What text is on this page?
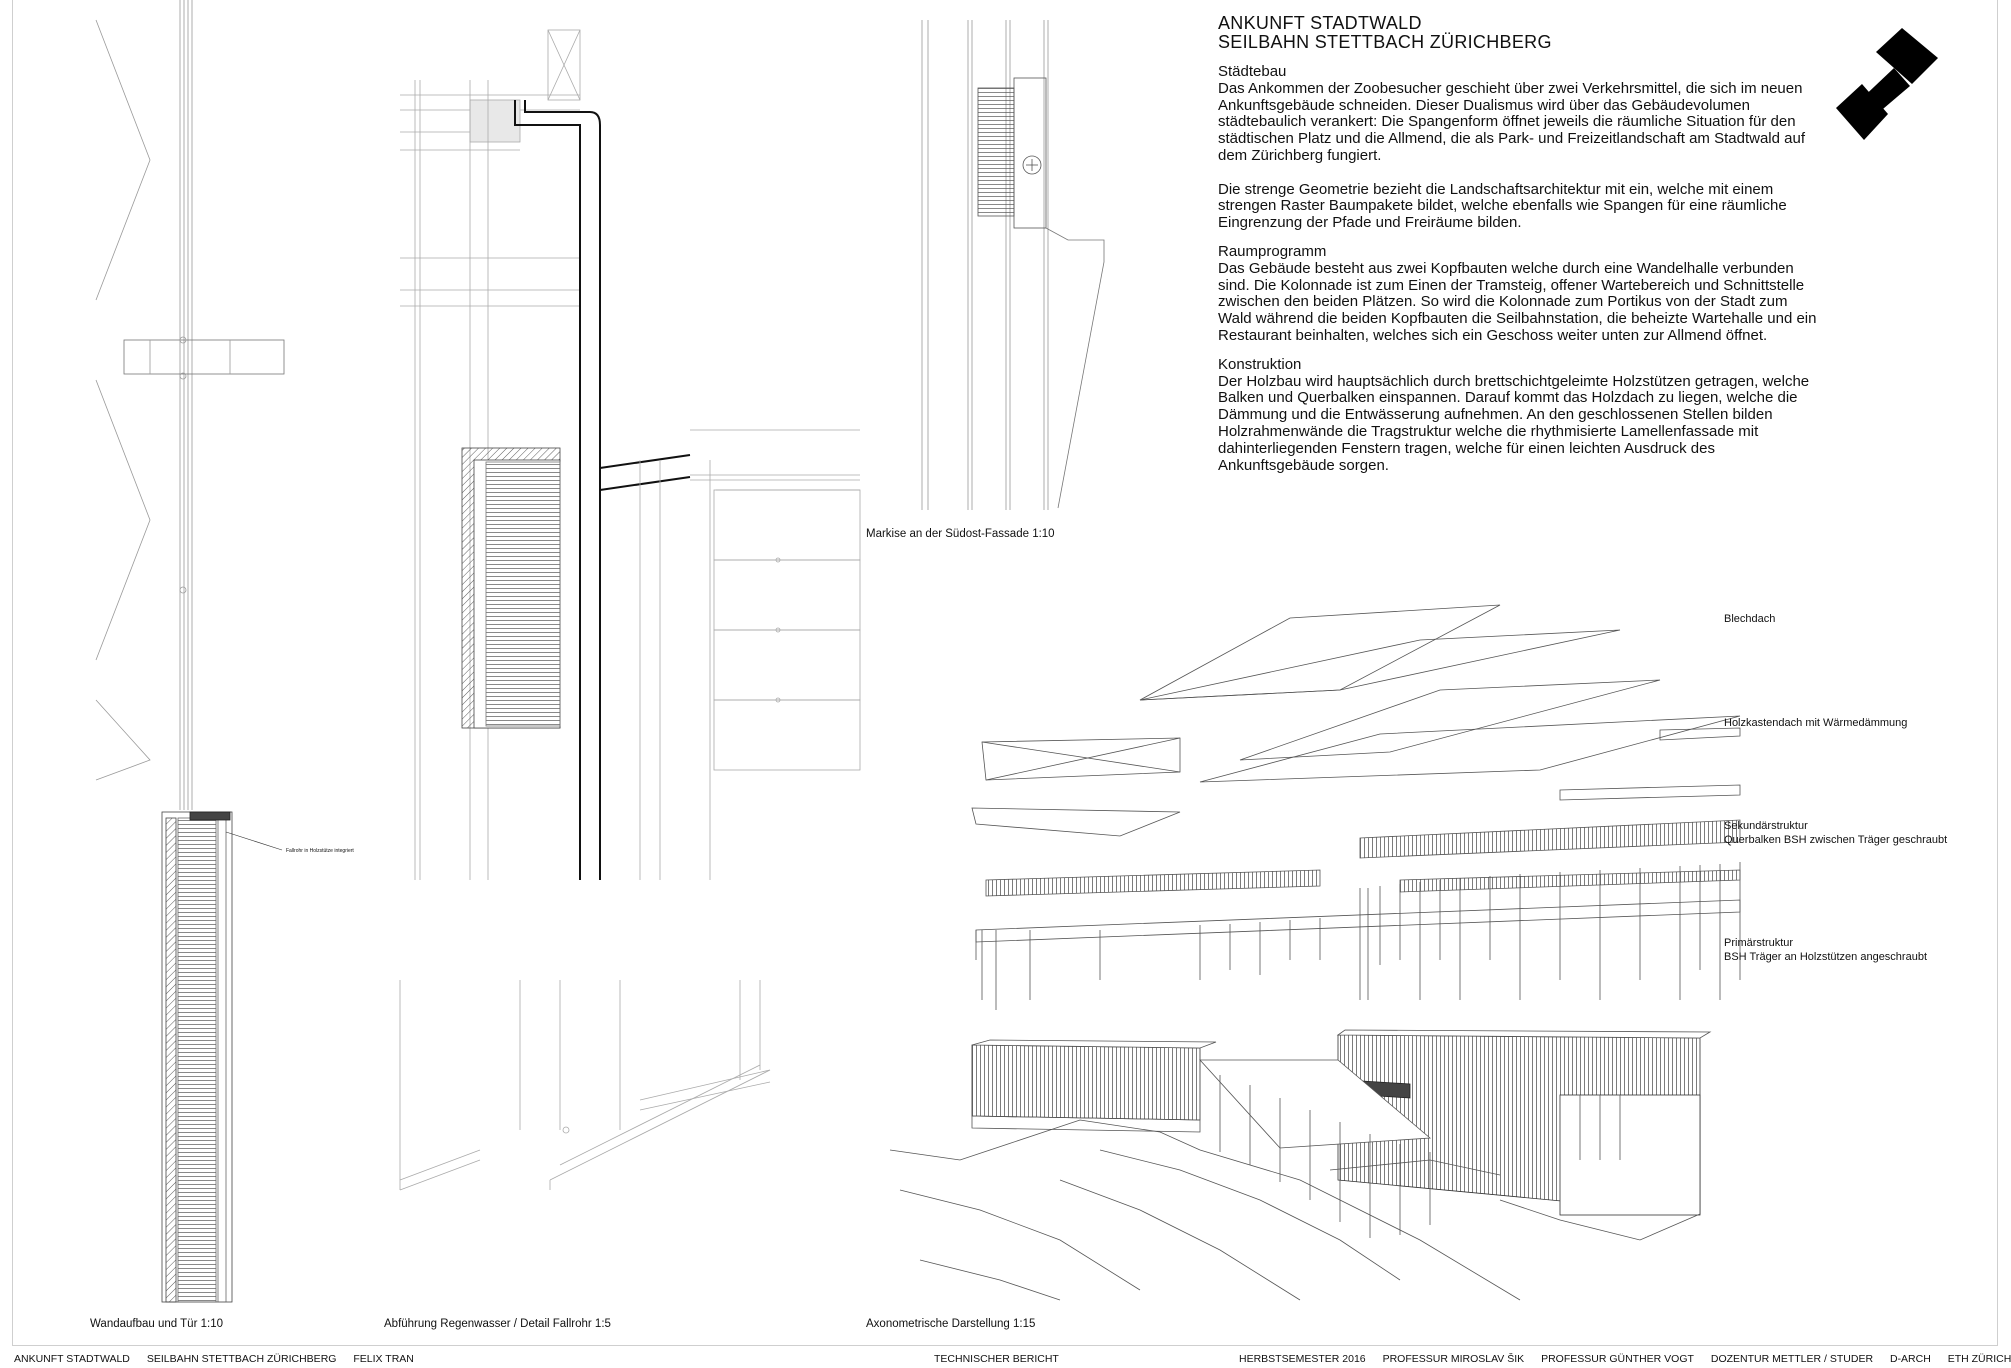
ANKUNFT STADTWALD
SEILBAHN STETTBACH ZÜRICHBERG
Städtebau

Das Ankommen der Zoobesucher geschieht über zwei Verkehrsmittel, die sich im neuen Ankunftsgebäude schneiden. Dieser Dualismus wird über das Gebäudevolumen städtebaulich verankert: Die Spangenform öffnet jeweils die räumliche Situation für den städtischen Platz und die Allmend, die als Park- und Freizeitlandschaft am Stadtwald auf dem Zürichberg fungiert.

Die strenge Geometrie bezieht die Landschaftsarchitektur mit ein, welche mit einem strengen Raster Baumpakete bildet, welche ebenfalls wie Spangen für eine räumliche Eingrenzung der Pfade und Freiräume bilden.

Raumprogramm

Das Gebäude besteht aus zwei Kopfbauten welche durch eine Wandelhalle verbunden sind. Die Kolonnade ist zum Einen der Tramsteig, offener Wartebereich und Schnittstelle zwischen den beiden Plätzen. So wird die Kolonnade zum Portikus von der Stadt zum Wald während die beiden Kopfbauten die Seilbahnstation, die beheizte Wartehalle und ein Restaurant beinhalten, welches sich ein Geschoss weiter unten zur Allmend öffnet.

Konstruktion

Der Holzbau wird hauptsächlich durch brettschichtgeleimte Holzstützen getragen, welche Balken und Querbalken einspannen. Darauf kommt das Holzdach zu liegen, welche die Dämmung und die Entwässerung aufnehmen. An den geschlossenen Stellen bilden Holzrahmenwände die Tragstruktur welche die rhythmisierte Lamellenfassade mit dahinterliegenden Fenstern tragen, welche für einen leichten Ausdruck des Ankunftsgebäude sorgen.

Markise an der Südost-Fassade 1:10
Wandaufbau und Tür 1:10	Abführung Regenwasser / Detail Fallrohr 1:5	Axonometrische Darstellung 1:15
Fallrohr in Holzstütze integriert
Blechdach
Holzkastendach mit Wärmedämmung
Sekundärstruktur
Querbalken BSH zwischen Träger geschraubt
Primärstruktur
BSH Träger an Holzstützen angeschraubt
ANKUNFT STADTWALD SEILBAHN STETTBACH ZÜRICHBERG FELIX TRAN	TECHNISCHER BERICHT	HERBSTSEMESTER 2016 PROFESSUR MIROSLAV ŠIK PROFESSUR GÜNTHER VOGT DOZENTUR METTLER / STUDER D-ARCH ETH ZÜRICH
